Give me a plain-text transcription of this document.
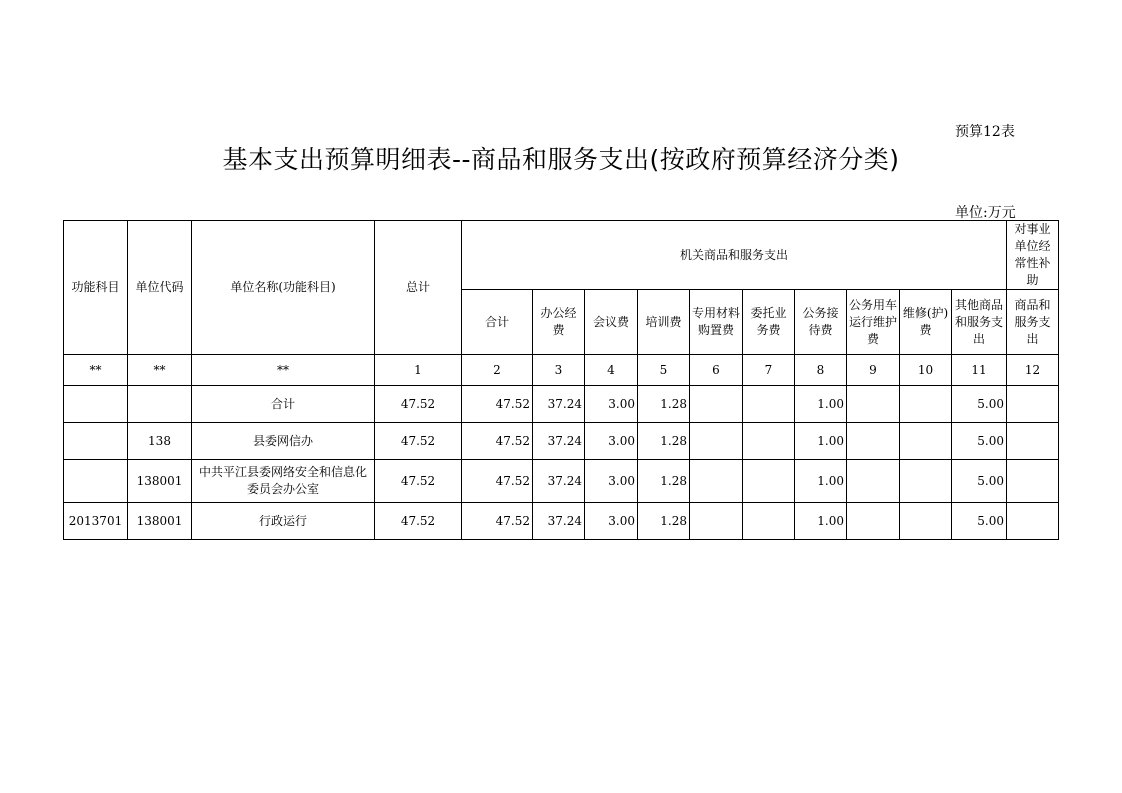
预算12表
基本支出预算明细表--商品和服务支出(按政府预算经济分类)
单位:万元
功能科目	单位代码	单位名称(功能科目)	总计	机关商品和服务支出										对事业单位经常性补助
				合计	办公经费	会议费	培训费	专用材料购置费	委托业务费	公务接待费	公务用车运行维护费	维修(护)费	其他商品和服务支出	商品和服务支出
**	**	**	1	2	3	4	5	6	7	8	9	10	11	12
		合计	47.52	47.52	37.24	3.00	1.28			1.00			5.00	
	138	县委网信办	47.52	47.52	37.24	3.00	1.28			1.00			5.00	
	138001	中共平江县委网络安全和信息化委员会办公室	47.52	47.52	37.24	3.00	1.28			1.00			5.00	
2013701	138001	行政运行	47.52	47.52	37.24	3.00	1.28			1.00			5.00	
